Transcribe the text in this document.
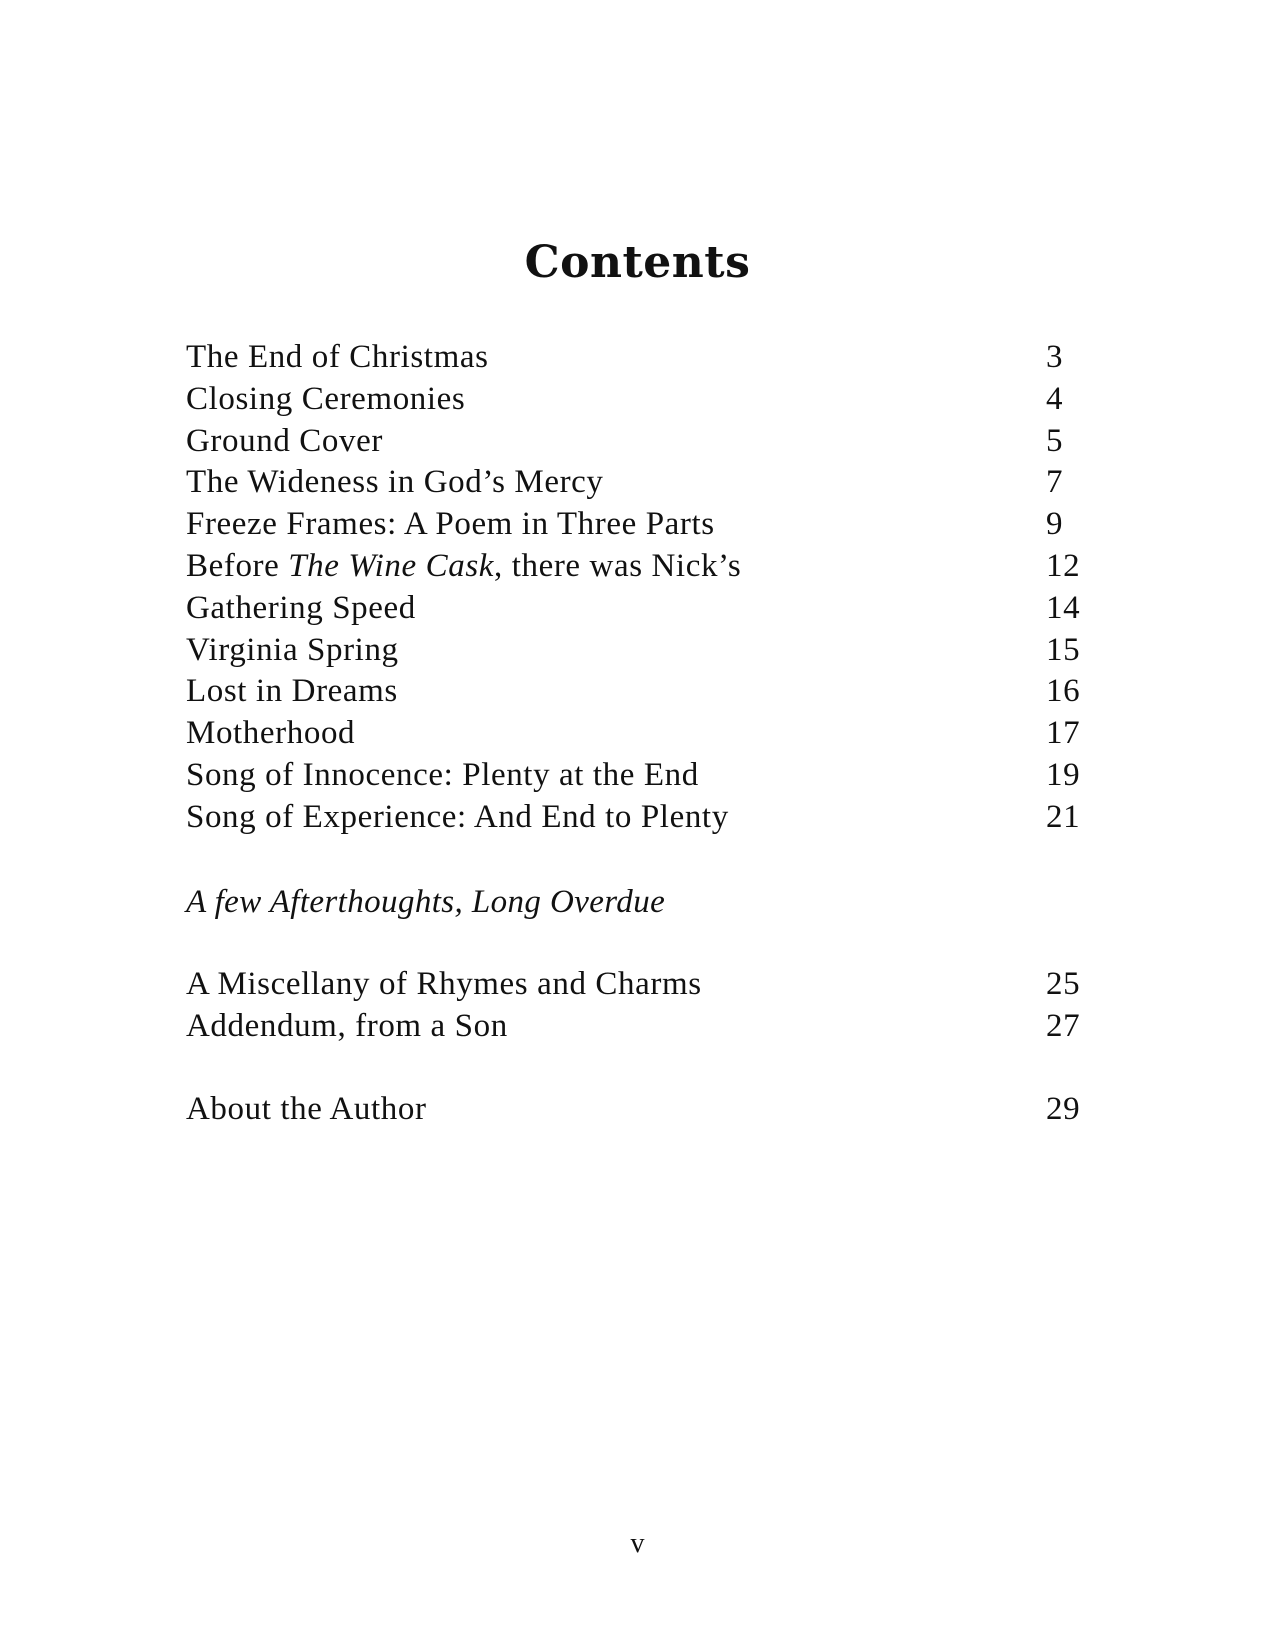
Contents
The End of Christmas	3
Closing Ceremonies	4
Ground Cover	5
The Wideness in God’s Mercy	7
Freeze Frames: A Poem in Three Parts	9
Before The Wine Cask, there was Nick’s	12
Gathering Speed	14
Virginia Spring	15
Lost in Dreams	16
Motherhood	17
Song of Innocence: Plenty at the End	19
Song of Experience: And End to Plenty	21
A few Afterthoughts, Long Overdue
A Miscellany of Rhymes and Charms	25
Addendum, from a Son	27
About the Author	29
v
